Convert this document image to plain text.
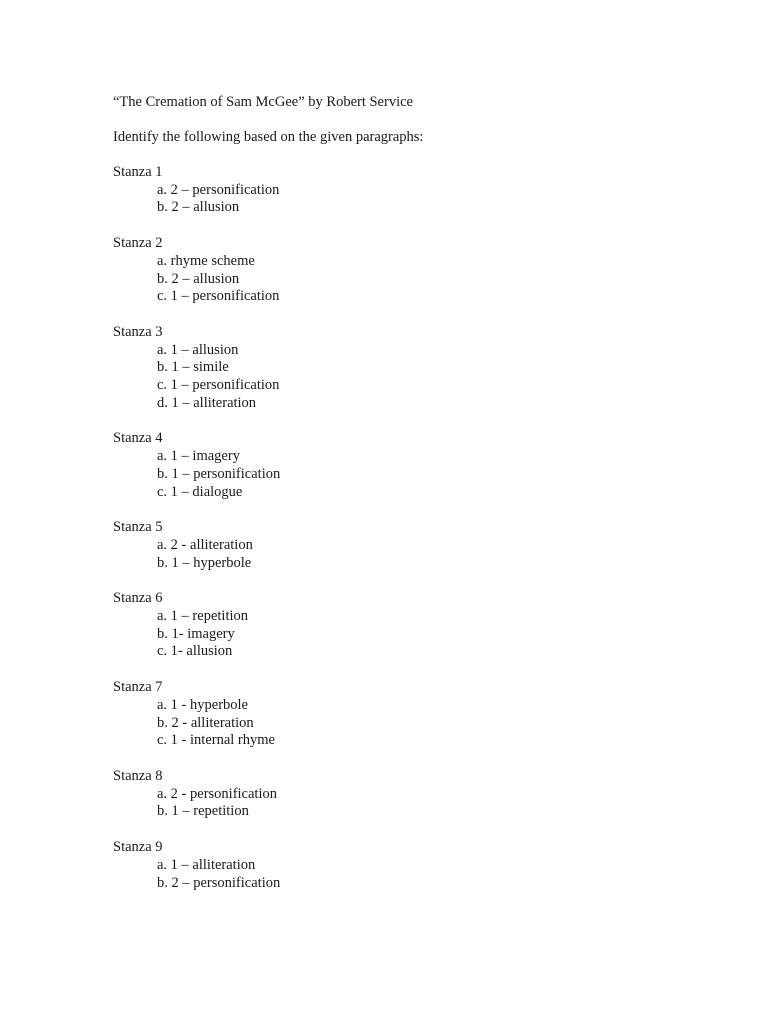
“The Cremation of Sam McGee” by Robert Service
Identify the following based on the given paragraphs:
Stanza 1
a. 2 – personification
b. 2 – allusion
Stanza 2
a. rhyme scheme
b. 2 – allusion
c. 1 – personification
Stanza 3
a. 1 – allusion
b. 1 – simile
c. 1 – personification
d. 1 – alliteration
Stanza 4
a. 1 – imagery
b. 1 – personification
c. 1 – dialogue
Stanza 5
a. 2 - alliteration
b. 1 – hyperbole
Stanza 6
a. 1 – repetition
b. 1- imagery
c. 1- allusion
Stanza 7
a. 1 - hyperbole
b. 2 - alliteration
c. 1 - internal rhyme
Stanza 8
a. 2 - personification
b. 1 – repetition
Stanza 9
a. 1 – alliteration
b. 2 – personification
